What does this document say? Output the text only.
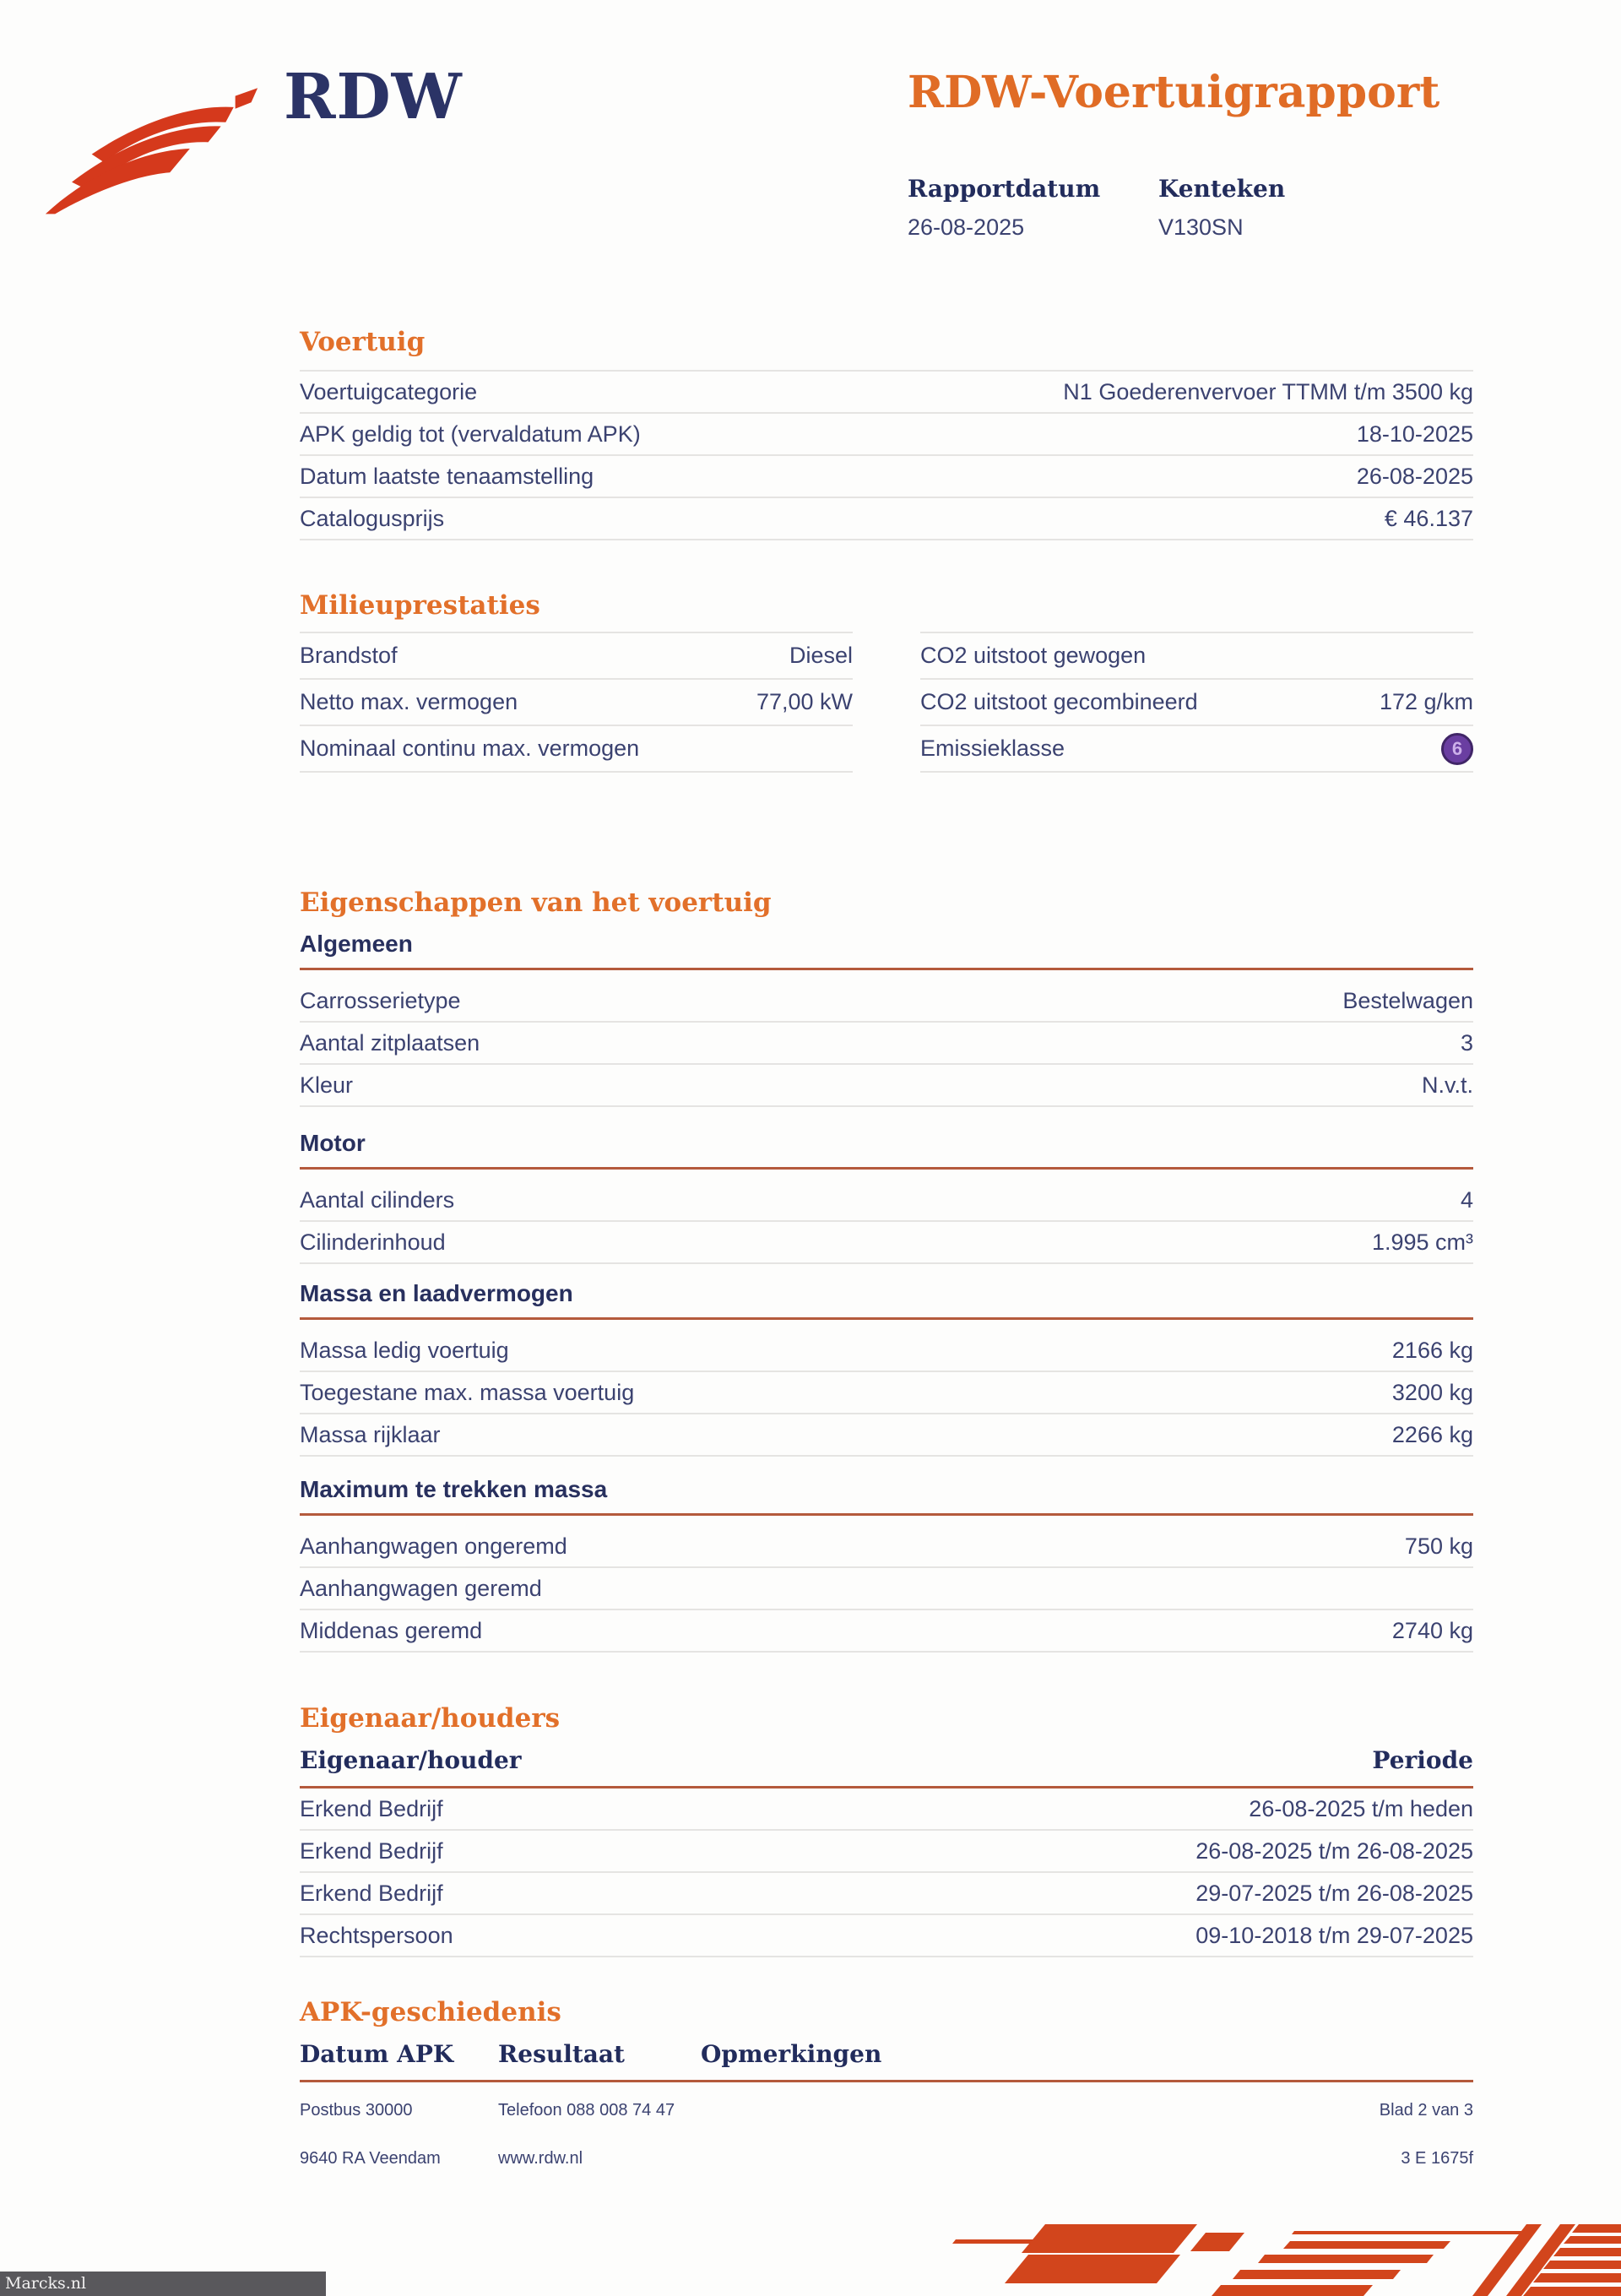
RDW	RDW-Voertuigrapport
Rapportdatum
26-08-2025
Kenteken
V130SN
Voertuig
Voertuigcategorie	N1 Goederenvervoer TTMM t/m 3500 kg
APK geldig tot (vervaldatum APK)	18-10-2025
Datum laatste tenaamstelling	26-08-2025
Catalogusprijs	€ 46.137
Milieuprestaties
Brandstof	Diesel
Netto max. vermogen	77,00 kW
Nominaal continu max. vermogen
CO2 uitstoot gewogen
CO2 uitstoot gecombineerd	172 g/km
Emissieklasse	6
Eigenschappen van het voertuig
Algemeen
Carrosserietype	Bestelwagen
Aantal zitplaatsen	3
Kleur	N.v.t.
Motor
Aantal cilinders	4
Cilinderinhoud	1.995 cm³
Massa en laadvermogen
Massa ledig voertuig	2166 kg
Toegestane max. massa voertuig	3200 kg
Massa rijklaar	2266 kg
Maximum te trekken massa
Aanhangwagen ongeremd	750 kg
Aanhangwagen geremd
Middenas geremd	2740 kg
Eigenaar/houders
Eigenaar/houder	Periode
Erkend Bedrijf	26-08-2025 t/m heden
Erkend Bedrijf	26-08-2025 t/m 26-08-2025
Erkend Bedrijf	29-07-2025 t/m 26-08-2025
Rechtspersoon	09-10-2018 t/m 29-07-2025
APK-geschiedenis
Datum APK	Resultaat	Opmerkingen
Postbus 30000	Telefoon 088 008 74 47	Blad 2 van 3
9640 RA Veendam	www.rdw.nl	3 E 1675f
Marcks.nl
